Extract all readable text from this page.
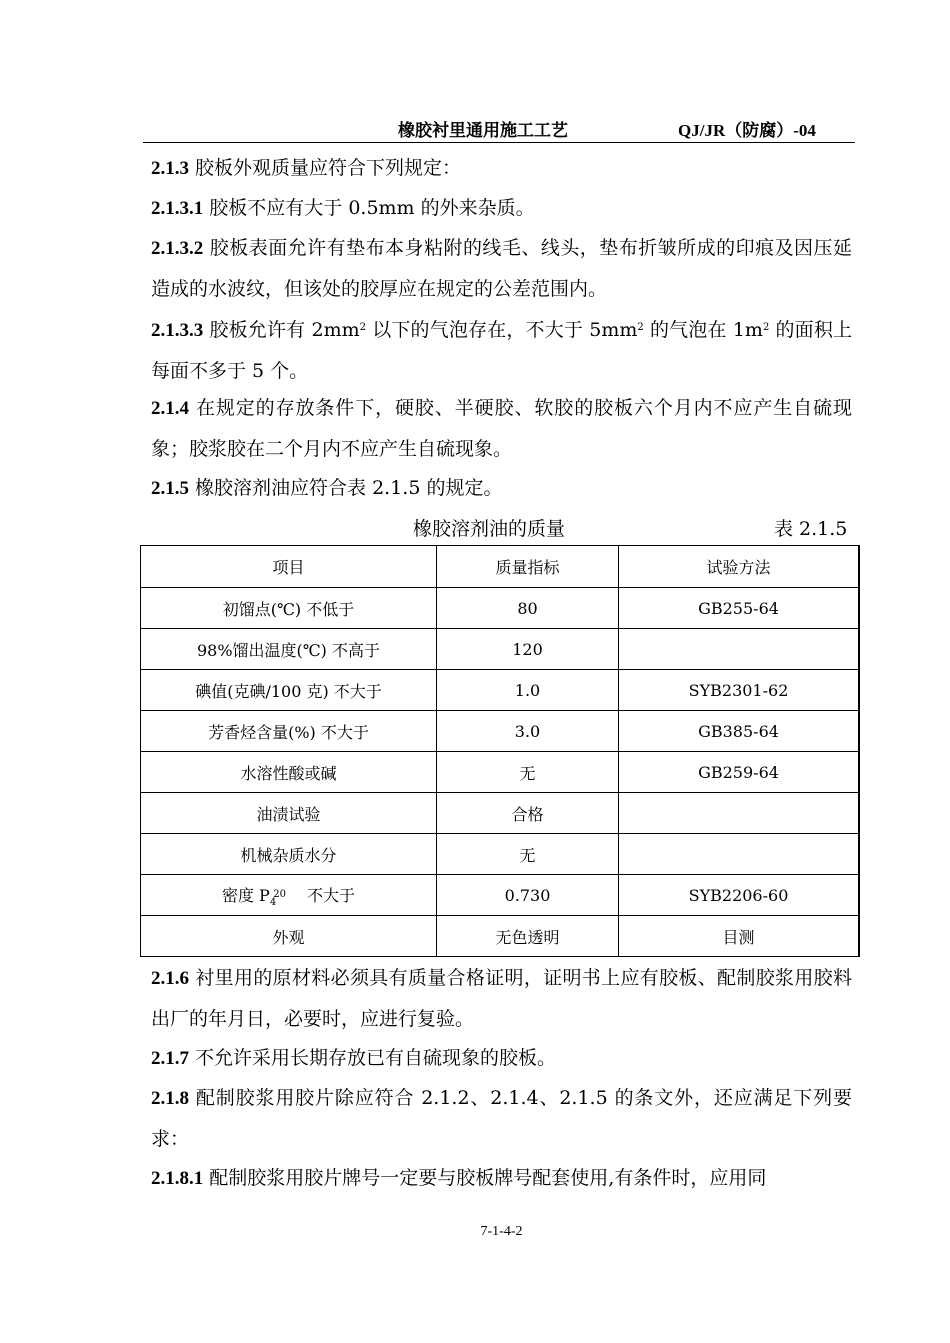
橡胶衬里通用施工工艺	QJ/JR（防腐）-04
2.1.3 胶板外观质量应符合下列规定：
2.1.3.1 胶板不应有大于 0.5mm 的外来杂质。
2.1.3.2 胶板表面允许有垫布本身粘附的线毛、线头，垫布折皱所成的印痕及因压延造成的水波纹，但该处的胶厚应在规定的公差范围内。
2.1.3.3 胶板允许有 $2mm^2$ 以下的气泡存在，不大于 $5mm^2$ 的气泡在 $1m^2$ 的面积上每面不多于 5 个。
2.1.4 在规定的存放条件下，硬胶、半硬胶、软胶的胶板六个月内不应产生自硫现象；胶浆胶在二个月内不应产生自硫现象。
2.1.5 橡胶溶剂油应符合表 2.1.5 的规定。
橡胶溶剂油的质量	表 2.1.5
项目	质量指标	试验方法
初馏点(℃) 不低于	80	GB255-64
98%馏出温度(℃) 不高于	120	
碘值(克碘/100 克) 不大于	1.0	SYB2301-62
芳香烃含量(%) 不大于	3.0	GB385-64
水溶性酸或碱	无	GB259-64
油渍试验	合格	
机械杂质水分	无	
密度 $P_4^{20}$　 不大于	0.730	SYB2206-60
外观	无色透明	目测
2.1.6 衬里用的原材料必须具有质量合格证明，证明书上应有胶板、配制胶浆用胶料出厂的年月日，必要时，应进行复验。
2.1.7 不允许采用长期存放已有自硫现象的胶板。
2.1.8 配制胶浆用胶片除应符合 2.1.2、2.1.4、2.1.5 的条文外，还应满足下列要求：
2.1.8.1 配制胶浆用胶片牌号一定要与胶板牌号配套使用,有条件时，应用同
7-1-4-2
